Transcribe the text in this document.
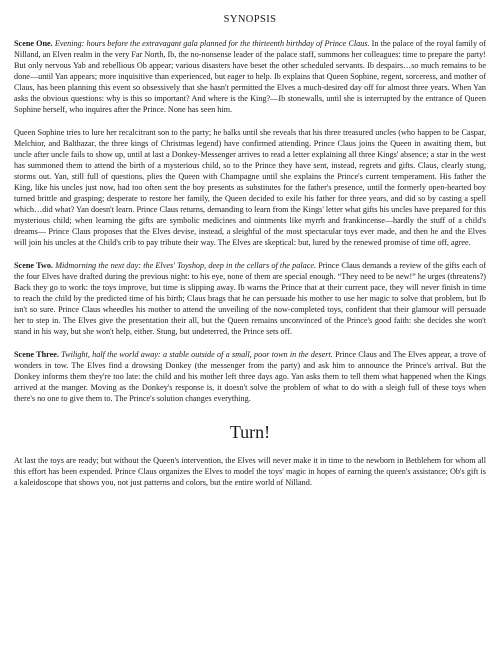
SYNOPSIS

Scene One. Evening: hours before the extravagant gala planned for the thirteenth birthday of Prince Claus. In the palace of the royal family of Nilland, an Elven realm in the very Far North, Ib, the no-nonsense leader of the palace staff, summons her colleagues: time to prepare the party! But only nervous Yab and rebellious Ob appear; various disasters have beset the other scheduled servants. Ib despairs…so much remains to be done—until Yan appears; more inquisitive than experienced, but eager to help. Ib explains that Queen Sophine, regent, sorceress, and mother of Claus, has been planning this event so obsessively that she hasn't permitted the Elves a much-desired day off for almost three years. When Yan asks the obvious questions: why is this so important? And where is the King?—Ib stonewalls, until she is interrupted by the entrance of Queen Sophine herself, who inquires after the Prince. None has seen him.

Queen Sophine tries to lure her recalcitrant son to the party; he balks until she reveals that his three treasured uncles (who happen to be Caspar, Melchior, and Balthazar, the three kings of Christmas legend) have confirmed attending. Prince Claus joins the Queen in awaiting them, but uncle after uncle fails to show up, until at last a Donkey-Messenger arrives to read a letter explaining all three Kings' absence; a star in the west has summoned them to attend the birth of a mysterious child, so to the Prince they have sent, instead, regrets and gifts. Claus, clearly stung, storms out. Yan, still full of questions, plies the Queen with Champagne until she explains the Prince's current temperament. His father the King, like his uncles just now, had too often sent the boy presents as substitutes for the father's presence, until the formerly open-hearted boy turned brittle and grasping; desperate to restore her family, the Queen decided to exile his father for three years, and did so by casting a spell which…did what? Yan doesn't learn. Prince Claus returns, demanding to learn from the Kings' letter what gifts his uncles have prepared for this mysterious child; when learning the gifts are symbolic medicines and ointments like myrrh and frankincense—hardly the stuff of a child's dreams— Prince Claus proposes that the Elves devise, instead, a sleighful of the most spectacular toys ever made, and then he and the Elves will join his uncles at the Child's crib to pay tribute their way. The Elves are skeptical: but, lured by the renewed promise of time off, agree.

Scene Two. Midmorning the next day: the Elves' Toyshop, deep in the cellars of the palace. Prince Claus demands a review of the gifts each of the four Elves have drafted during the previous night: to his eye, none of them are special enough. “They need to be new!” he urges (threatens?) Back they go to work: the toys improve, but time is slipping away. Ib warns the Prince that at their current pace, they will never finish in time to reach the child by the predicted time of his birth; Claus brags that he can persuade his mother to use her magic to solve that problem, but Ib isn't so sure. Prince Claus wheedles his mother to attend the unveiling of the now-completed toys, confident that their glamour will persuade her to step in. The Elves give the presentation their all, but the Queen remains unconvinced of the Prince's good faith: she decides she won't stand in his way, but she won't help, either. Stung, but undeterred, the Prince sets off.

Scene Three. Twilight, half the world away: a stable outside of a small, poor town in the desert. Prince Claus and The Elves appear, a trove of wonders in tow. The Elves find a drowsing Donkey (the messenger from the party) and ask him to announce the Prince's arrival. But the Donkey informs them they're too late: the child and his mother left three days ago. Yan asks them to tell them what happened when the Kings arrived at the manger. Moving as the Donkey's response is, it doesn't solve the problem of what to do with a sleigh full of these toys when there's no one to give them to. The Prince's solution changes everything.

Turn!

At last the toys are ready; but without the Queen's intervention, the Elves will never make it in time to the newborn in Bethlehem for whom all this effort has been expended. Prince Claus organizes the Elves to model the toys' magic in hopes of earning the queen's assistance; Ob's gift is a kaleidoscope that shows you, not just patterns and colors, but the entire world of Nilland.
